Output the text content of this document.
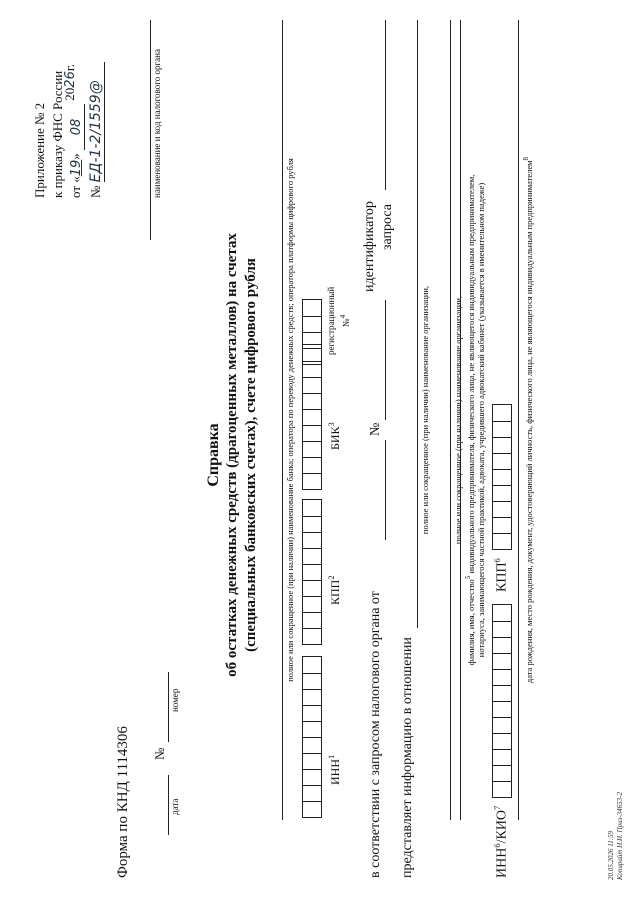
Приложение № 2 к приказу ФНС России от «19» 08 2026г.
№ ЕД-1-2/1559@	наименование и код налогового органа
Справка об остатках денежных средств (драгоценных металлов) на счетах (специальных банковских счетах), счете цифрового рубля
Форма по КНД 1114306	дата
№
номер
полное или сокращенное (при наличии) наименование банка; оператора по переводу денежных средств; оператора платформы цифрового рубля
ИНН$^1$
КПП$^2$
БИК$^3$
регистрационный №$^4$
в соответствии с запросом налогового органа от
№
идентификатор запроса
представляет информацию в отношении
полное или сокращенное (при наличии) наименование организации,	полное или сокращенное (при наличии) наименование организации,
фамилия, имя, отчество$^5$ индивидуального предпринимателя, физического лица, не являющегося индивидуальным предпринимателем, нотариуса, занимающегося частной практикой, адвоката, учредившего адвокатский кабинет (указывается в именительном падеже)
ИНН$^6$/КИО$^7$
КПП$^6$	дата рождения, место рождения, документ, удостоверяющий личность, физического лица, не являющегося индивидуальным предпринимателем$^8$
20.05.2026 11:59 Копирайт Н.И. Приз-34653-2
